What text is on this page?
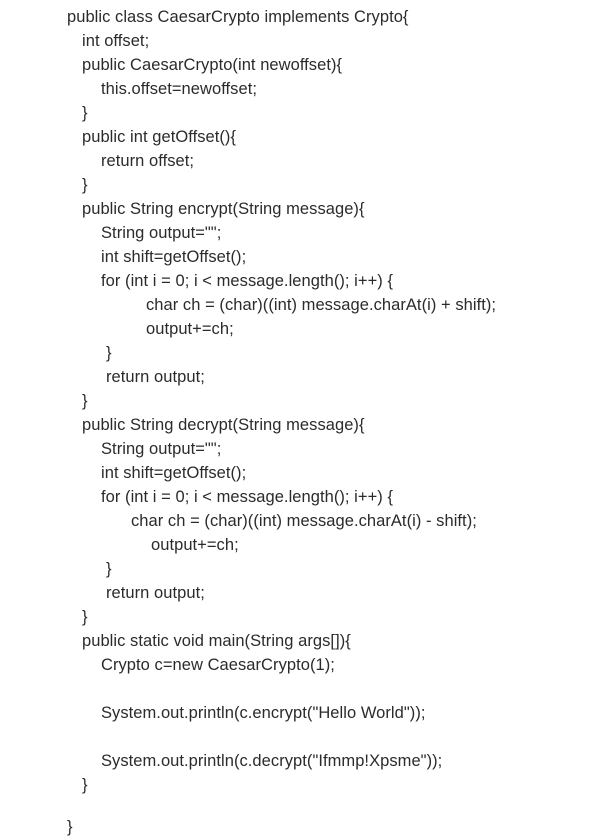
public class CaesarCrypto implements Crypto{
int offset;
public CaesarCrypto(int newoffset){
this.offset=newoffset;
}
public int getOffset(){
return offset;
}
public String encrypt(String message){
String output="";
int shift=getOffset();
for (int i = 0; i < message.length(); i++) {
char ch = (char)((int) message.charAt(i) + shift);
output+=ch;
}
return output;
}
public String decrypt(String message){
String output="";
int shift=getOffset();
for (int i = 0; i < message.length(); i++) {
char ch = (char)((int) message.charAt(i) - shift);
output+=ch;
}
return output;
}
public static void main(String args[]){
Crypto c=new CaesarCrypto(1);
System.out.println(c.encrypt("Hello World"));
System.out.println(c.decrypt("Ifmmp!Xpsme"));
}
}
